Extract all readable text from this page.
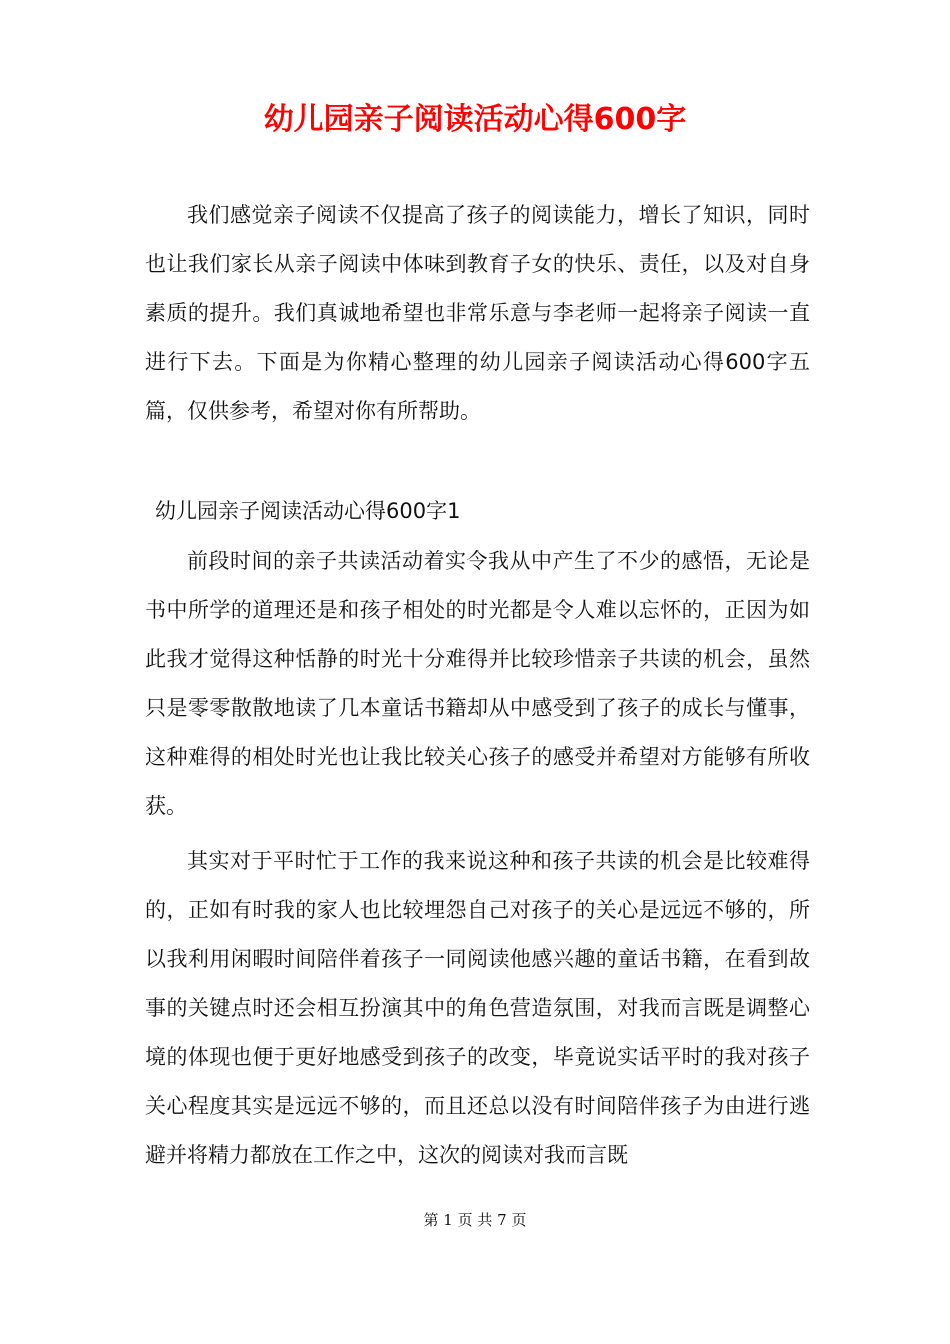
幼儿园亲子阅读活动心得600字

我们感觉亲子阅读不仅提高了孩子的阅读能力，增长了知识，同时也让我们家长从亲子阅读中体味到教育子女的快乐、责任，以及对自身素质的提升。我们真诚地希望也非常乐意与李老师一起将亲子阅读一直进行下去。下面是为你精心整理的幼儿园亲子阅读活动心得600字五篇，仅供参考，希望对你有所帮助。

幼儿园亲子阅读活动心得600字1

前段时间的亲子共读活动着实令我从中产生了不少的感悟，无论是书中所学的道理还是和孩子相处的时光都是令人难以忘怀的，正因为如此我才觉得这种恬静的时光十分难得并比较珍惜亲子共读的机会，虽然只是零零散散地读了几本童话书籍却从中感受到了孩子的成长与懂事，这种难得的相处时光也让我比较关心孩子的感受并希望对方能够有所收获。

其实对于平时忙于工作的我来说这种和孩子共读的机会是比较难得的，正如有时我的家人也比较埋怨自己对孩子的关心是远远不够的，所以我利用闲暇时间陪伴着孩子一同阅读他感兴趣的童话书籍，在看到故事的关键点时还会相互扮演其中的角色营造氛围，对我而言既是调整心境的体现也便于更好地感受到孩子的改变，毕竟说实话平时的我对孩子关心程度其实是远远不够的，而且还总以没有时间陪伴孩子为由进行逃避并将精力都放在工作之中，这次的阅读对我而言既

第 1 页 共 7 页
